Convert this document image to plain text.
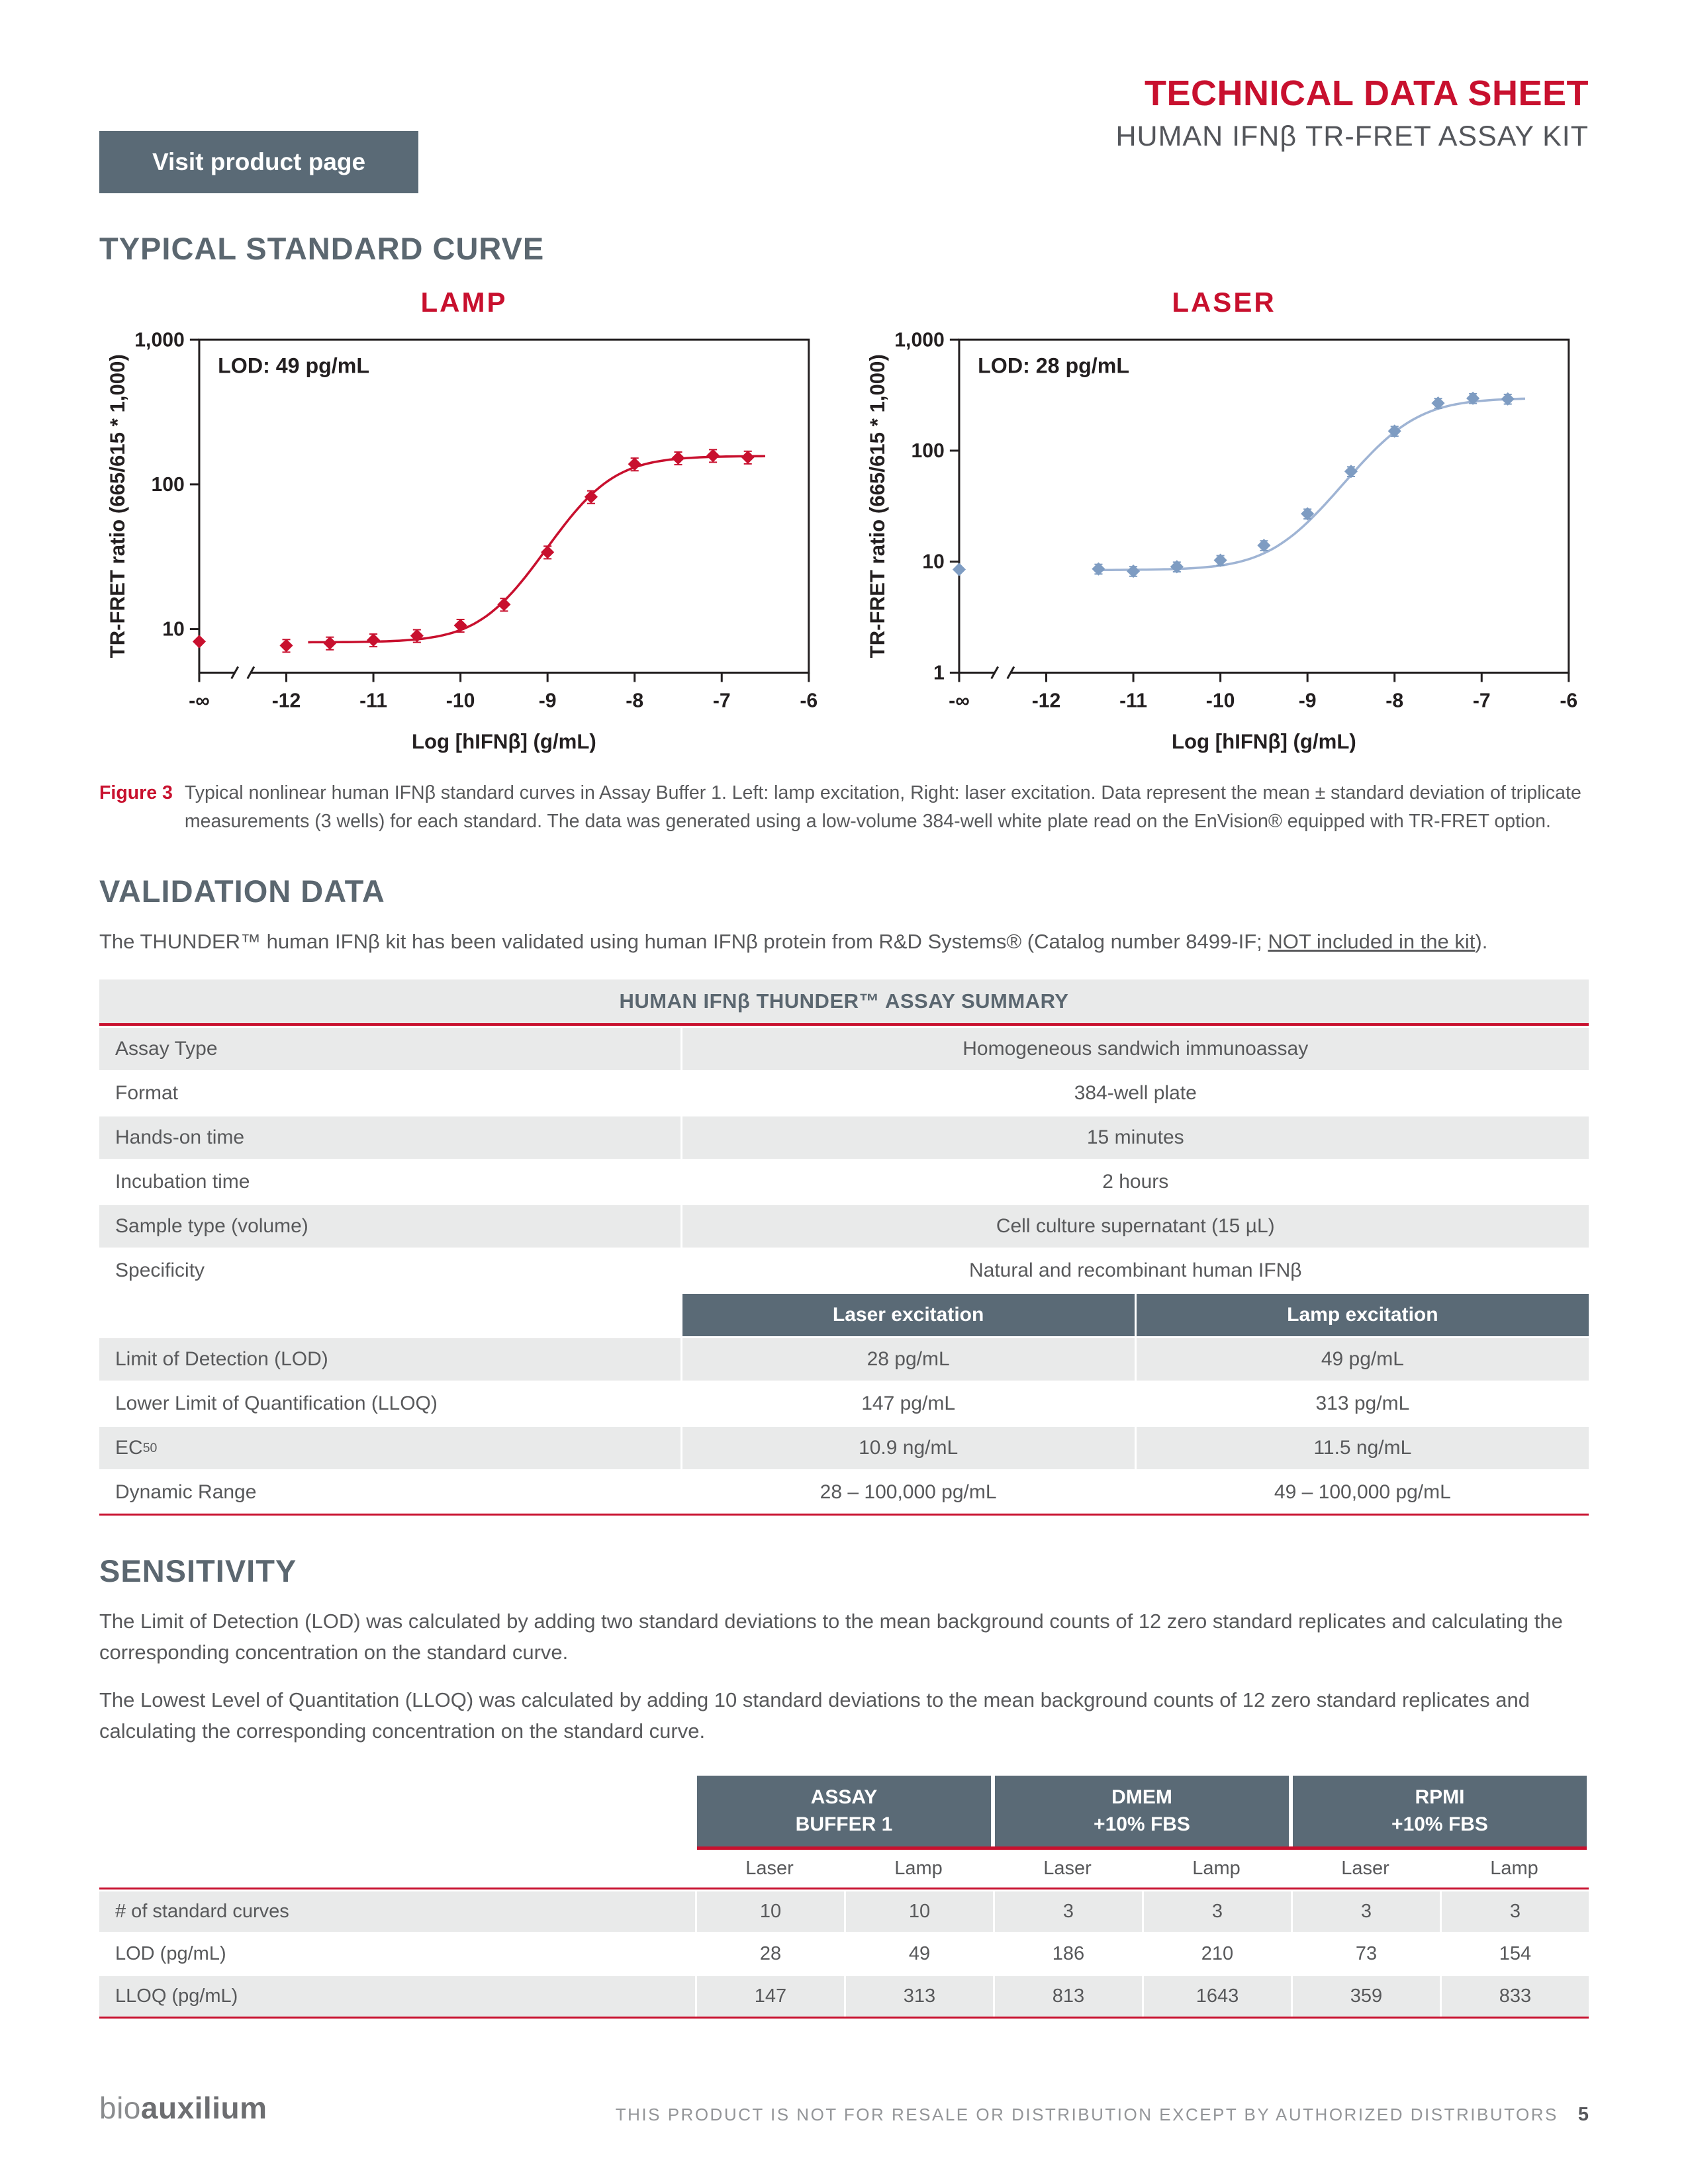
Visit product page
TECHNICAL DATA SHEET
HUMAN IFNβ TR-FRET ASSAY KIT
TYPICAL STANDARD CURVE
LAMP
10
100
1,000
-∞	-12	-11	-10	-9	-8	-7	-6
LOD: 49 pg/mL
Log [hIFNβ] (g/mL)
TR-FRET ratio (665/615 * 1,000)
LASER
1
10
100
1,000
-∞	-12	-11	-10	-9	-8	-7	-6
LOD: 28 pg/mL
Log [hIFNβ] (g/mL)
TR-FRET ratio (665/615 * 1,000)
Figure 3 Typical nonlinear human IFNβ standard curves in Assay Buffer 1. Left: lamp excitation, Right: laser excitation. Data represent the mean ± standard deviation of triplicate measurements (3 wells) for each standard. The data was generated using a low-volume 384-well white plate read on the EnVision® equipped with TR-FRET option.
VALIDATION DATA
The THUNDER™ human IFNβ kit has been validated using human IFNβ protein from R&D Systems® (Catalog number 8499-IF; NOT included in the kit).
HUMAN IFNβ THUNDER™ ASSAY SUMMARY
Assay Type	Homogeneous sandwich immunoassay
Format	384-well plate
Hands-on time	15 minutes
Incubation time	2 hours
Sample type (volume)	Cell culture supernatant (15 µL)
Specificity	Natural and recombinant human IFNβ
Laser excitation	Lamp excitation
Limit of Detection (LOD)	28 pg/mL	49 pg/mL
Lower Limit of Quantification (LLOQ)	147 pg/mL	313 pg/mL
EC 50	10.9 ng/mL	11.5 ng/mL
Dynamic Range	28 – 100,000 pg/mL	49 – 100,000 pg/mL
SENSITIVITY
The Limit of Detection (LOD) was calculated by adding two standard deviations to the mean background counts of 12 zero standard replicates and calculating the corresponding concentration on the standard curve.
The Lowest Level of Quantitation (LLOQ) was calculated by adding 10 standard deviations to the mean background counts of 12 zero standard replicates and calculating the corresponding concentration on the standard curve.
ASSAY
BUFFER 1
DMEM
+10% FBS
RPMI
+10% FBS
Laser	Lamp	Laser	Lamp	Laser	Lamp
# of standard curves	10	10	3	3	3	3
LOD (pg/mL)	28	49	186	210	73	154
LLOQ (pg/mL)	147	313	813	1643	359	833
bioauxilium	THIS PRODUCT IS NOT FOR RESALE OR DISTRIBUTION EXCEPT BY AUTHORIZED DISTRIBUTORS 5
